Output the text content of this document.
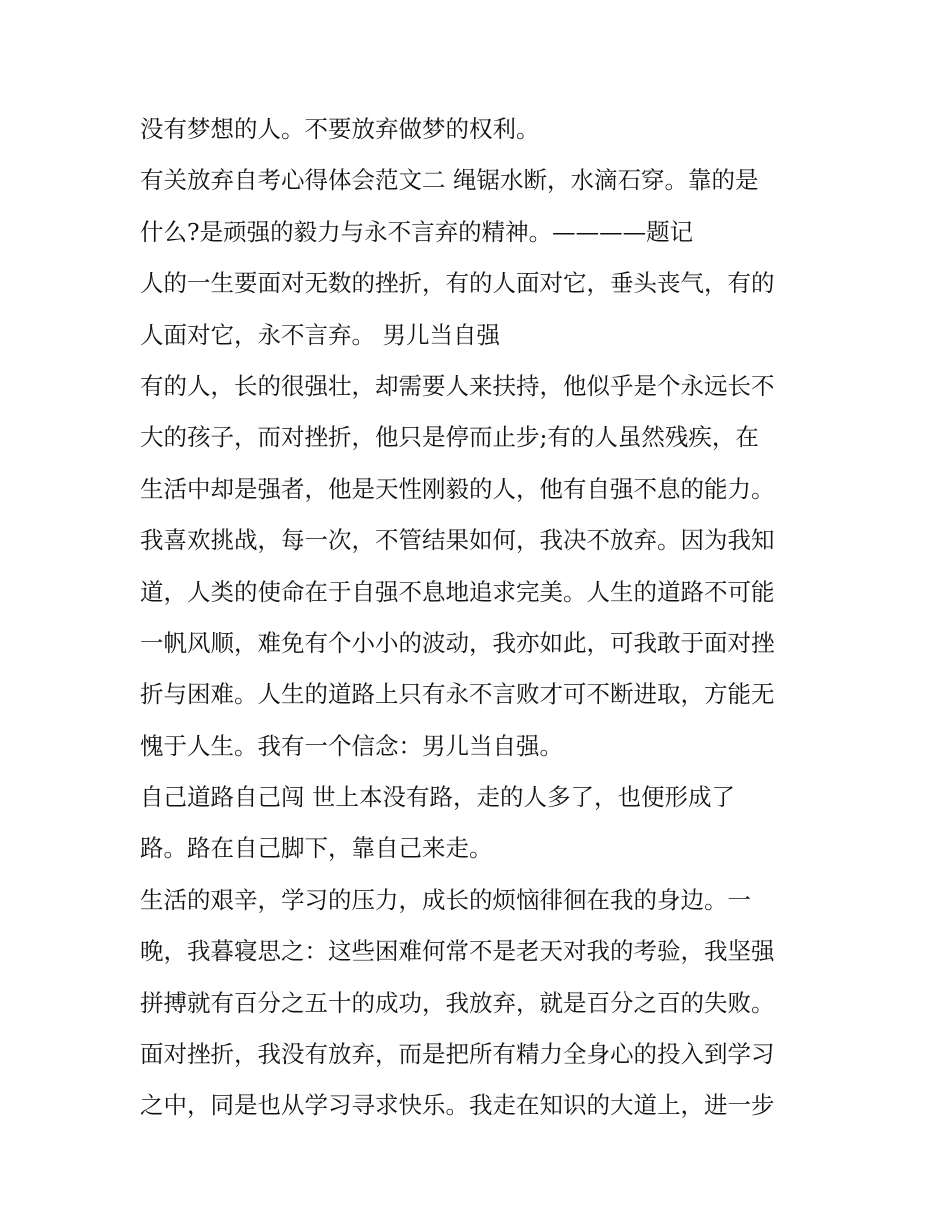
没有梦想的人。不要放弃做梦的权利。
有关放弃自考心得体会范文二 绳锯水断，水滴石穿。靠的是
什么?是顽强的毅力与永不言弃的精神。————题记
人的一生要面对无数的挫折，有的人面对它，垂头丧气，有的
人面对它，永不言弃。 男儿当自强
有的人，长的很强壮，却需要人来扶持，他似乎是个永远长不
大的孩子，而对挫折，他只是停而止步;有的人虽然残疾，在
生活中却是强者，他是天性刚毅的人，他有自强不息的能力。
我喜欢挑战，每一次，不管结果如何，我决不放弃。因为我知
道，人类的使命在于自强不息地追求完美。人生的道路不可能
一帆风顺，难免有个小小的波动，我亦如此，可我敢于面对挫
折与困难。人生的道路上只有永不言败才可不断进取，方能无
愧于人生。我有一个信念：男儿当自强。
自己道路自己闯 世上本没有路，走的人多了，也便形成了
路。路在自己脚下，靠自己来走。
生活的艰辛，学习的压力，成长的烦恼徘徊在我的身边。一
晚，我暮寝思之：这些困难何常不是老天对我的考验，我坚强
拼搏就有百分之五十的成功，我放弃，就是百分之百的失败。
面对挫折，我没有放弃，而是把所有精力全身心的投入到学习
之中，同是也从学习寻求快乐。我走在知识的大道上，进一步
